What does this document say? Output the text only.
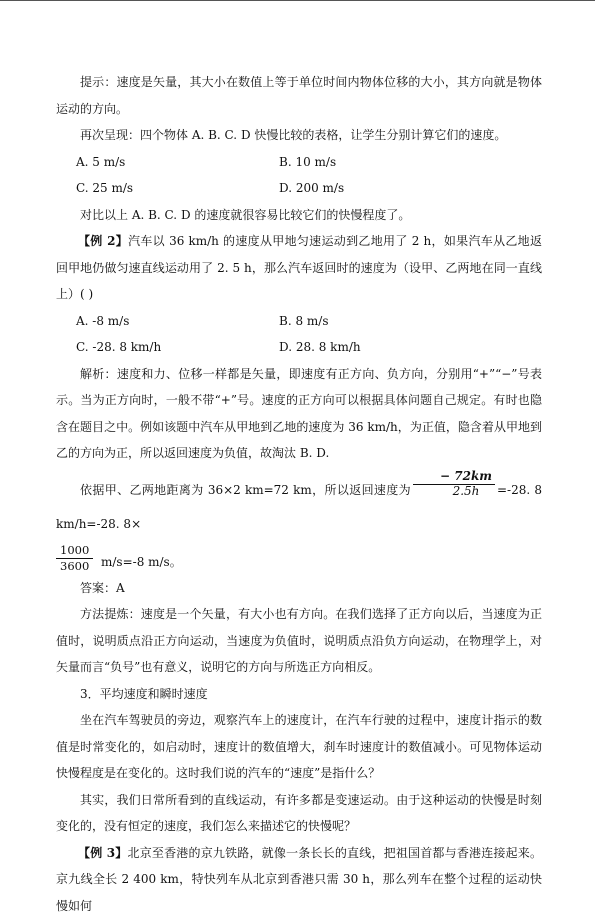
提示：速度是矢量，其大小在数值上等于单位时间内物体位移的大小，其方向就是物体运动的方向。

再次呈现：四个物体 A. B. C. D 快慢比较的表格，让学生分别计算它们的速度。

A. 5 m/s	B. 10 m/s
C. 25 m/s	D. 200 m/s

对比以上 A. B. C. D 的速度就很容易比较它们的快慢程度了。

【例 2】汽车以 36 km/h 的速度从甲地匀速运动到乙地用了 2 h，如果汽车从乙地返回甲地仍做匀速直线运动用了 2. 5 h，那么汽车返回时的速度为（设甲、乙两地在同一直线上）( )

A. -8 m/s	B. 8 m/s
C. -28. 8 km/h	D. 28. 8 km/h

解析：速度和力、位移一样都是矢量，即速度有正方向、负方向，分别用“+”“−”号表示。当为正方向时，一般不带“+”号。速度的正方向可以根据具体问题自己规定。有时也隐含在题目之中。例如该题中汽车从甲地到乙地的速度为 36 km/h，为正值，隐含着从甲地到乙的方向为正，所以返回速度为负值，故淘汰 B. D.

依据甲、乙两地距离为 36×2 km=72 km，所以返回速度为 $\frac{- 72km}{2.5h} =-28$. 8 km/h=-28. 8×

$\frac{1000}{3600} m/s=-8$ m/s。

答案：A

方法提炼：速度是一个矢量，有大小也有方向。在我们选择了正方向以后，当速度为正值时，说明质点沿正方向运动，当速度为负值时，说明质点沿负方向运动，在物理学上，对矢量而言“负号”也有意义，说明它的方向与所选正方向相反。

3．平均速度和瞬时速度

坐在汽车驾驶员的旁边，观察汽车上的速度计，在汽车行驶的过程中，速度计指示的数值是时常变化的，如启动时，速度计的数值增大，刹车时速度计的数值减小。可见物体运动快慢程度是在变化的。这时我们说的汽车的“速度”是指什么？

其实，我们日常所看到的直线运动，有许多都是变速运动。由于这种运动的快慢是时刻变化的，没有恒定的速度，我们怎么来描述它的快慢呢？

【例 3】北京至香港的京九铁路，就像一条长长的直线，把祖国首都与香港连接起来。京九线全长 2 400 km，特快列车从北京到香港只需 30 h，那么列车在整个过程的运动快慢如何
